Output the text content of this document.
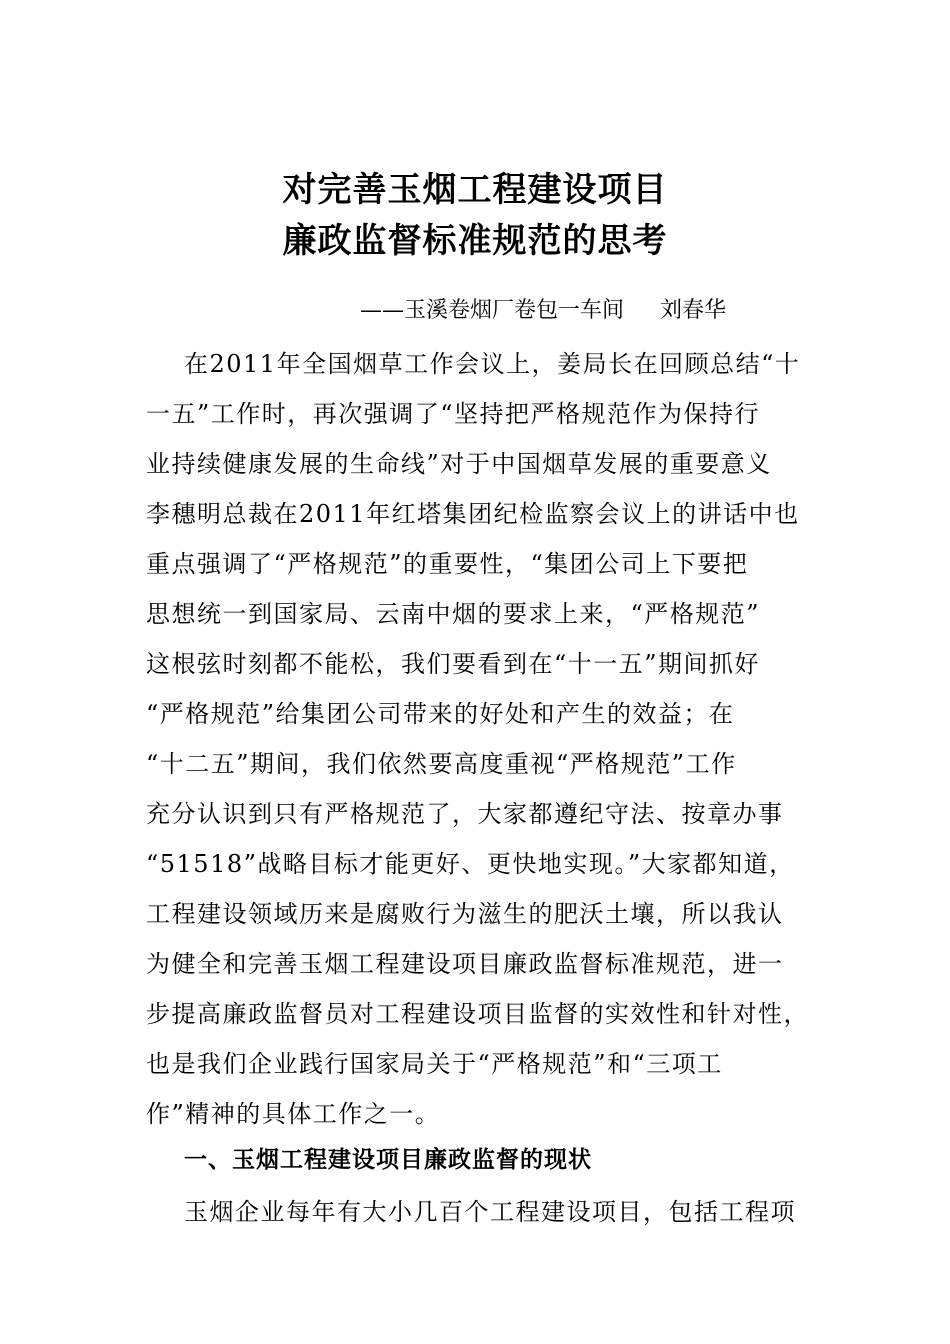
对完善玉烟工程建设项目
廉政监督标准规范的思考
——玉溪卷烟厂卷包一车间 刘春华
在2011年全国烟草工作会议上，姜局长在回顾总结“十
一五”工作时，再次强调了“坚持把严格规范作为保持行
业持续健康发展的生命线”对于中国烟草发展的重要意义
李穗明总裁在2011年红塔集团纪检监察会议上的讲话中也
重点强调了“严格规范”的重要性，“集团公司上下要把
思想统一到国家局、云南中烟的要求上来，“严格规范”
这根弦时刻都不能松，我们要看到在“十一五”期间抓好
“严格规范”给集团公司带来的好处和产生的效益；在
“十二五”期间，我们依然要高度重视“严格规范”工作
充分认识到只有严格规范了，大家都遵纪守法、按章办事
“51518”战略目标才能更好、更快地实现。”大家都知道，
工程建设领域历来是腐败行为滋生的肥沃土壤，所以我认
为健全和完善玉烟工程建设项目廉政监督标准规范，进一
步提高廉政监督员对工程建设项目监督的实效性和针对性，
也是我们企业践行国家局关于“严格规范”和“三项工
作”精神的具体工作之一。
一、玉烟工程建设项目廉政监督的现状
玉烟企业每年有大小几百个工程建设项目，包括工程项
